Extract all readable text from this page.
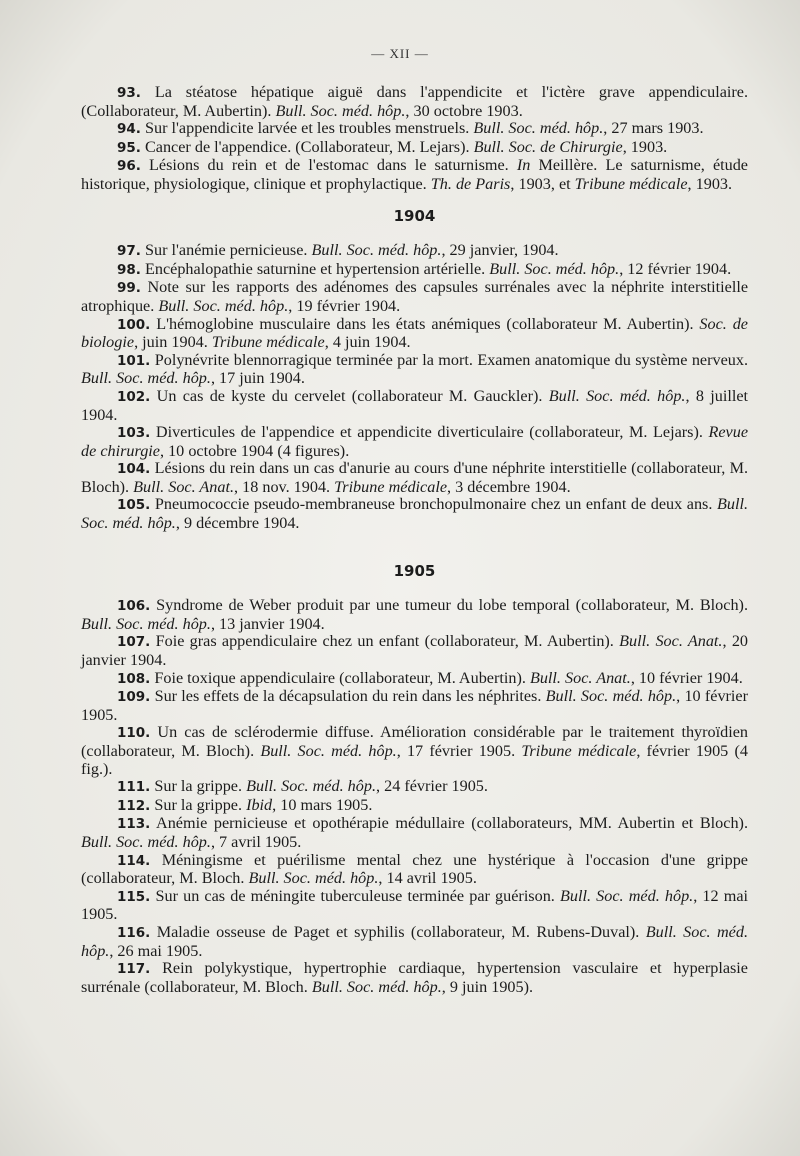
— XII —

93. La stéatose hépatique aiguë dans l'appendicite et l'ictère grave appendiculaire. (Collaborateur, M. Aubertin). Bull. Soc. méd. hôp., 30 octobre 1903.

94. Sur l'appendicite larvée et les troubles menstruels. Bull. Soc. méd. hôp., 27 mars 1903.

95. Cancer de l'appendice. (Collaborateur, M. Lejars). Bull. Soc. de Chirurgie, 1903.

96. Lésions du rein et de l'estomac dans le saturnisme. In Meillère. Le saturnisme, étude historique, physiologique, clinique et prophylactique. Th. de Paris, 1903, et Tribune médicale, 1903.

1904

97. Sur l'anémie pernicieuse. Bull. Soc. méd. hôp., 29 janvier, 1904.

98. Encéphalopathie saturnine et hypertension artérielle. Bull. Soc. méd. hôp., 12 février 1904.

99. Note sur les rapports des adénomes des capsules surrénales avec la néphrite interstitielle atrophique. Bull. Soc. méd. hôp., 19 février 1904.

100. L'hémoglobine musculaire dans les états anémiques (collaborateur M. Aubertin). Soc. de biologie, juin 1904. Tribune médicale, 4 juin 1904.

101. Polynévrite blennorragique terminée par la mort. Examen anatomique du système nerveux. Bull. Soc. méd. hôp., 17 juin 1904.

102. Un cas de kyste du cervelet (collaborateur M. Gauckler). Bull. Soc. méd. hôp., 8 juillet 1904.

103. Diverticules de l'appendice et appendicite diverticulaire (collaborateur, M. Lejars). Revue de chirurgie, 10 octobre 1904 (4 figures).

104. Lésions du rein dans un cas d'anurie au cours d'une néphrite interstitielle (collaborateur, M. Bloch). Bull. Soc. Anat., 18 nov. 1904. Tribune médicale, 3 décembre 1904.

105. Pneumococcie pseudo-membraneuse bronchopulmonaire chez un enfant de deux ans. Bull. Soc. méd. hôp., 9 décembre 1904.

1905

106. Syndrome de Weber produit par une tumeur du lobe temporal (collaborateur, M. Bloch). Bull. Soc. méd. hôp., 13 janvier 1904.

107. Foie gras appendiculaire chez un enfant (collaborateur, M. Aubertin). Bull. Soc. Anat., 20 janvier 1904.

108. Foie toxique appendiculaire (collaborateur, M. Aubertin). Bull. Soc. Anat., 10 février 1904.

109. Sur les effets de la décapsulation du rein dans les néphrites. Bull. Soc. méd. hôp., 10 février 1905.

110. Un cas de sclérodermie diffuse. Amélioration considérable par le traitement thyroïdien (collaborateur, M. Bloch). Bull. Soc. méd. hôp., 17 février 1905. Tribune médicale, février 1905 (4 fig.).

111. Sur la grippe. Bull. Soc. méd. hôp., 24 février 1905.

112. Sur la grippe. Ibid, 10 mars 1905.

113. Anémie pernicieuse et opothérapie médullaire (collaborateurs, MM. Aubertin et Bloch). Bull. Soc. méd. hôp., 7 avril 1905.

114. Méningisme et puérilisme mental chez une hystérique à l'occasion d'une grippe (collaborateur, M. Bloch. Bull. Soc. méd. hôp., 14 avril 1905.

115. Sur un cas de méningite tuberculeuse terminée par guérison. Bull. Soc. méd. hôp., 12 mai 1905.

116. Maladie osseuse de Paget et syphilis (collaborateur, M. Rubens-Duval). Bull. Soc. méd. hôp., 26 mai 1905.

117. Rein polykystique, hypertrophie cardiaque, hypertension vasculaire et hyperplasie surrénale (collaborateur, M. Bloch. Bull. Soc. méd. hôp., 9 juin 1905).
